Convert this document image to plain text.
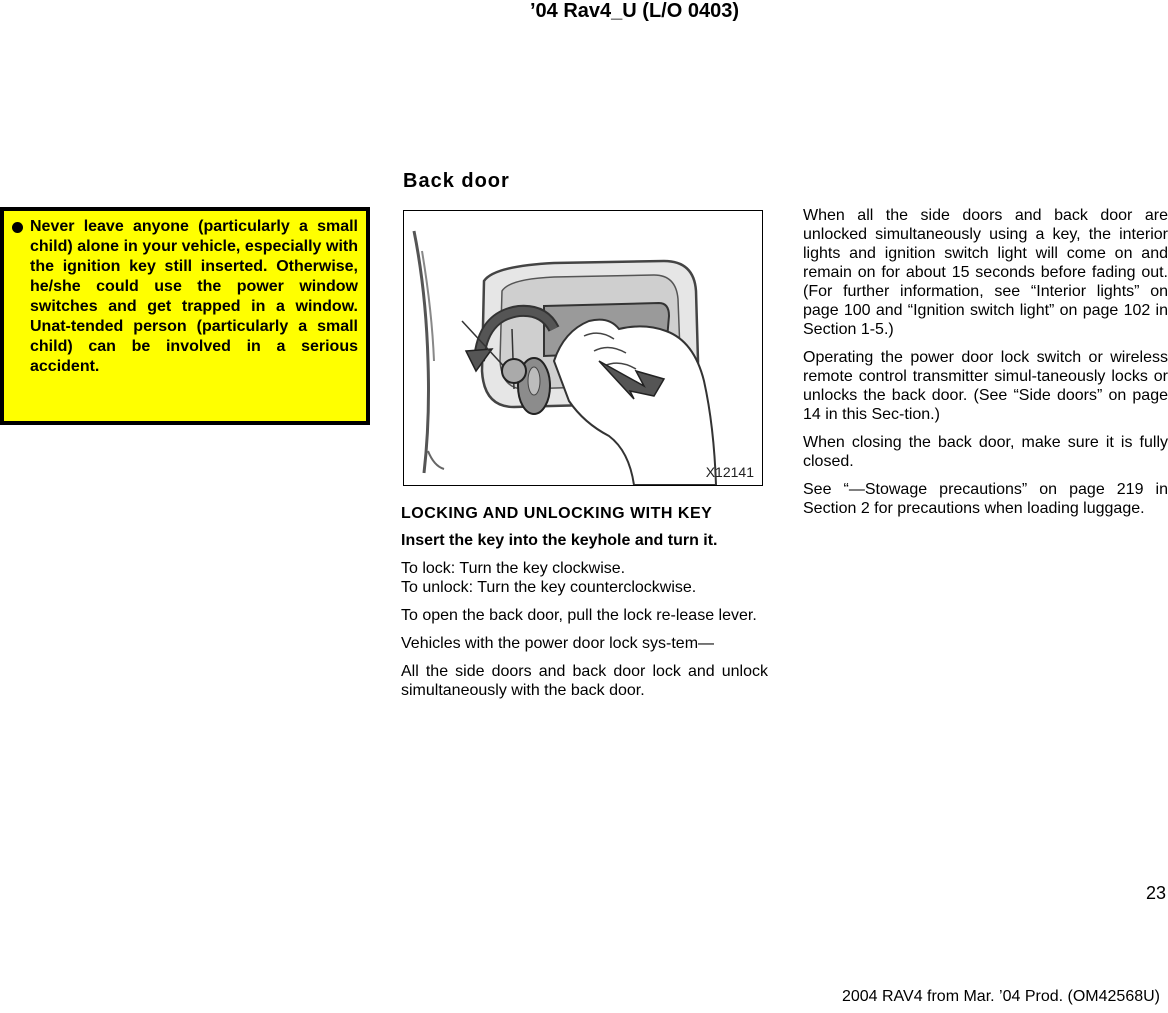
’04 Rav4_U (L/O 0403)
Never leave anyone (particularly a small child) alone in your vehicle, especially with the ignition key still inserted. Otherwise, he/she could use the power window switches and get trapped in a window. Unat-tended person (particularly a small child) can be involved in a serious accident.
Back door
X12141
LOCKING AND UNLOCKING WITH KEY

Insert the key into the keyhole and turn it.

To lock: Turn the key clockwise.

To unlock: Turn the key counterclockwise.

To open the back door, pull the lock re-lease lever.

Vehicles with the power door lock sys-tem—

All the side doors and back door lock and unlock simultaneously with the back door.

When all the side doors and back door are unlocked simultaneously using a key, the interior lights and ignition switch light will come on and remain on for about 15 seconds before fading out. (For further information, see “Interior lights” on page 100 and “Ignition switch light” on page 102 in Section 1-5.)

Operating the power door lock switch or wireless remote control transmitter simul-taneously locks or unlocks the back door. (See “Side doors” on page 14 in this Sec-tion.)

When closing the back door, make sure it is fully closed.

See “—Stowage precautions” on page 219 in Section 2 for precautions when loading luggage.

23
2004 RAV4 from Mar. ’04 Prod. (OM42568U)
